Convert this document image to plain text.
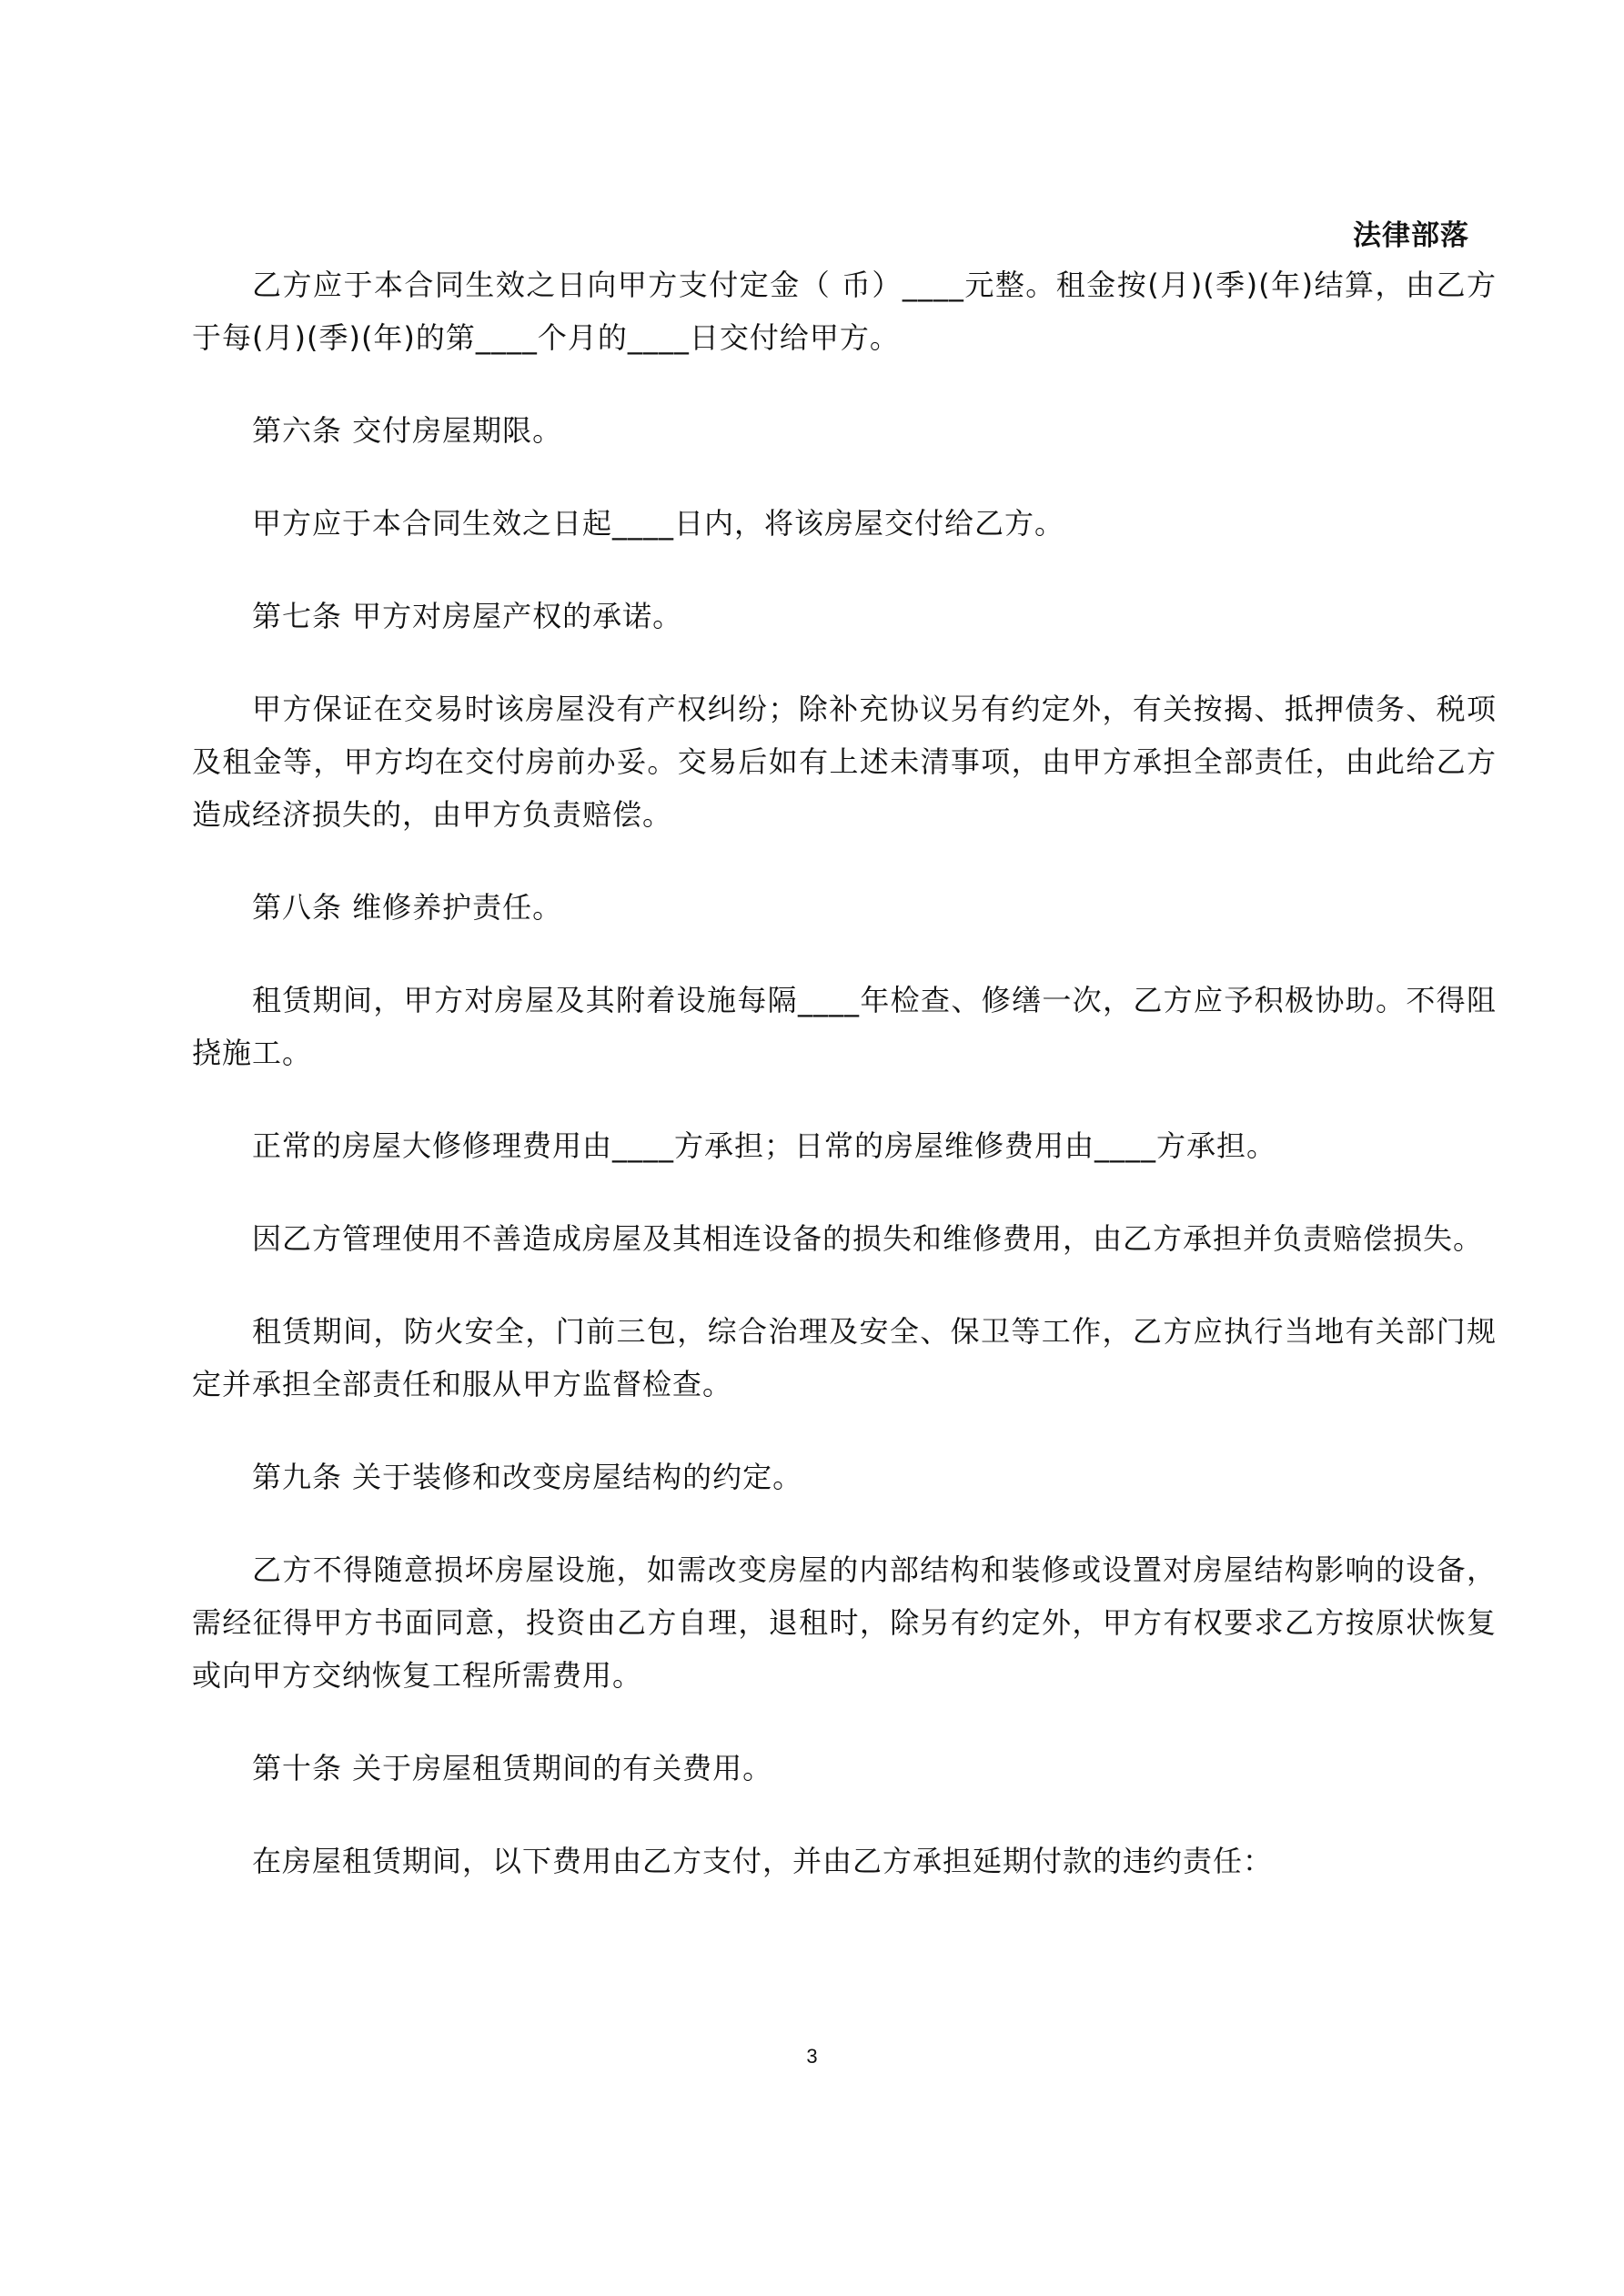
法律部落

乙方应于本合同生效之日向甲方支付定金（ 币）____元整。租金按(月)(季)(年)结算，由乙方于每(月)(季)(年)的第____个月的____日交付给甲方。

第六条 交付房屋期限。

甲方应于本合同生效之日起____日内，将该房屋交付给乙方。

第七条 甲方对房屋产权的承诺。

甲方保证在交易时该房屋没有产权纠纷；除补充协议另有约定外，有关按揭、抵押债务、税项及租金等，甲方均在交付房前办妥。交易后如有上述未清事项，由甲方承担全部责任，由此给乙方造成经济损失的，由甲方负责赔偿。

第八条 维修养护责任。

租赁期间，甲方对房屋及其附着设施每隔____年检查、修缮一次，乙方应予积极协助。不得阻挠施工。

正常的房屋大修修理费用由____方承担；日常的房屋维修费用由____方承担。

因乙方管理使用不善造成房屋及其相连设备的损失和维修费用，由乙方承担并负责赔偿损失。

租赁期间，防火安全，门前三包，综合治理及安全、保卫等工作，乙方应执行当地有关部门规定并承担全部责任和服从甲方监督检查。

第九条 关于装修和改变房屋结构的约定。

乙方不得随意损坏房屋设施，如需改变房屋的内部结构和装修或设置对房屋结构影响的设备，需经征得甲方书面同意，投资由乙方自理，退租时，除另有约定外，甲方有权要求乙方按原状恢复或向甲方交纳恢复工程所需费用。

第十条 关于房屋租赁期间的有关费用。

在房屋租赁期间，以下费用由乙方支付，并由乙方承担延期付款的违约责任：

3
